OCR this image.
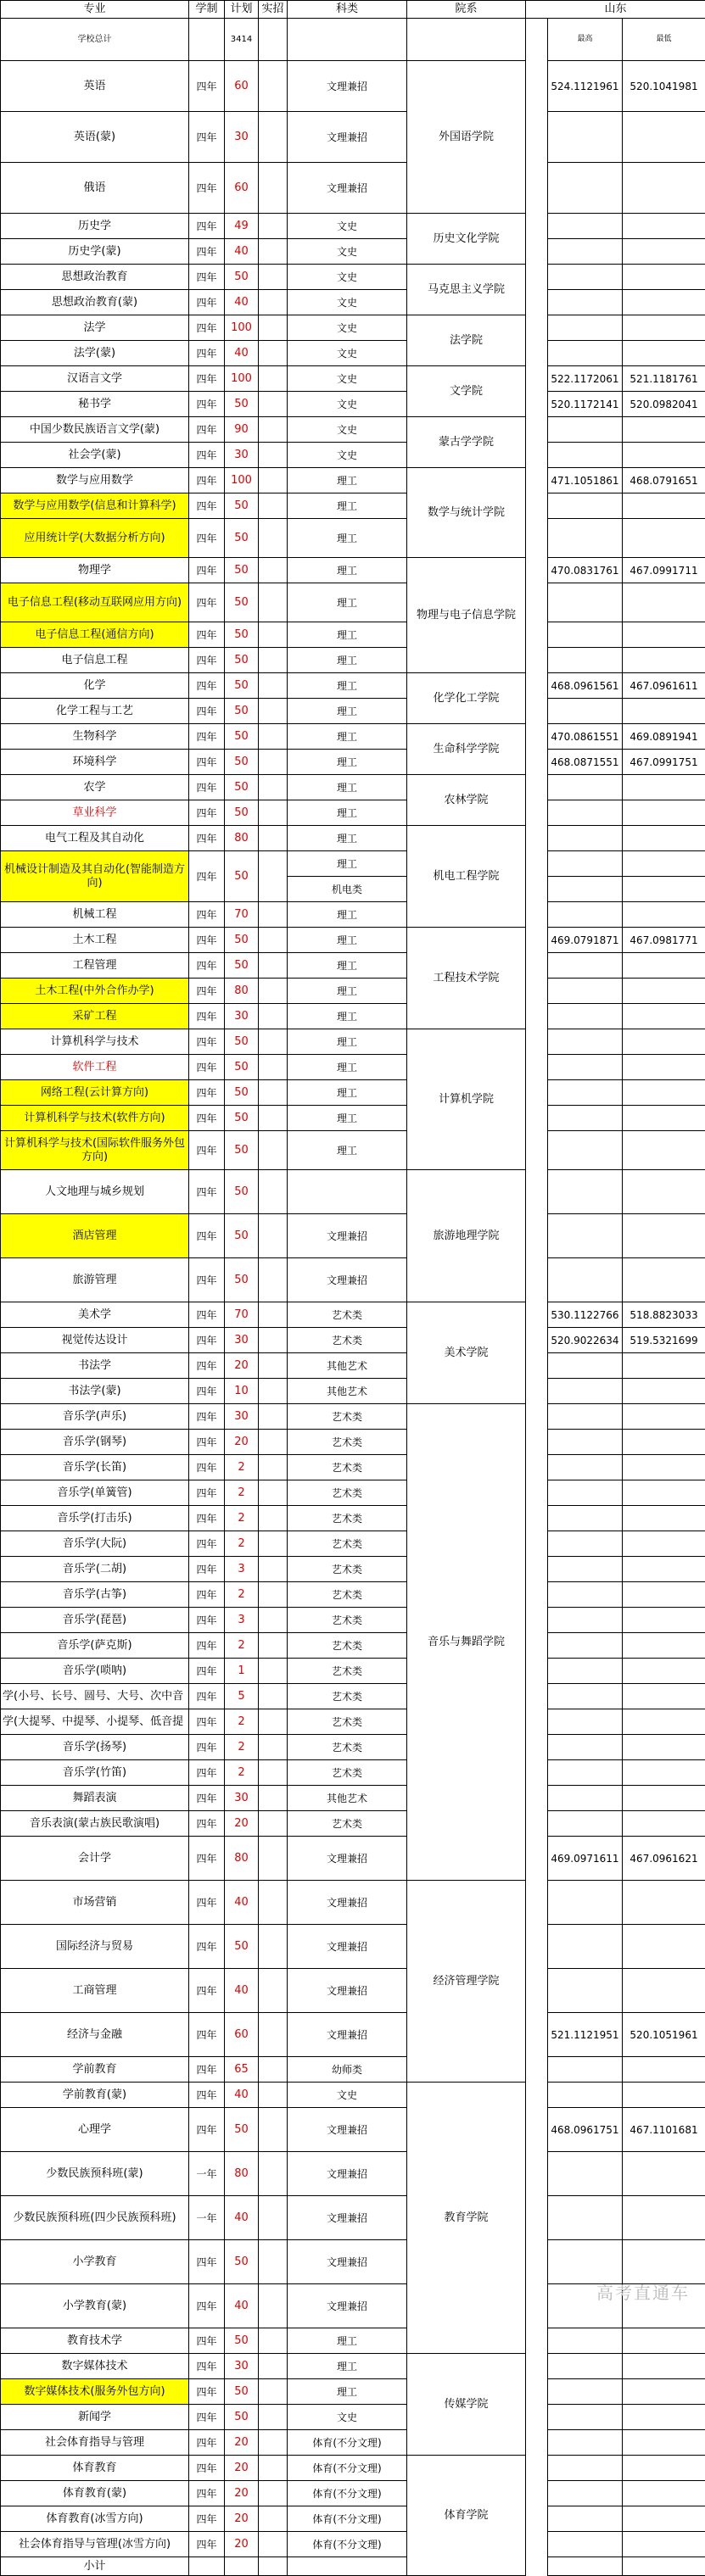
专业	学制	计划	实招	科类	院系	山东		
学校总计		3414					最高	最低
英语	四年	60		文理兼招	外国语学院		524.1121961	520.1041981
英语(蒙)	四年	30		文理兼招				
俄语	四年	60		文理兼招				
历史学	四年	49		文史	历史文化学院			
历史学(蒙)	四年	40		文史				
思想政治教育	四年	50		文史	马克思主义学院			
思想政治教育(蒙)	四年	40		文史				
法学	四年	100		文史	法学院			
法学(蒙)	四年	40		文史				
汉语言文学	四年	100		文史	文学院		522.1172061	521.1181761
秘书学	四年	50		文史			520.1172141	520.0982041
中国少数民族语言文学(蒙)	四年	90		文史	蒙古学学院			
社会学(蒙)	四年	30		文史				
数学与应用数学	四年	100		理工	数学与统计学院		471.1051861	468.0791651
数学与应用数学(信息和计算科学)	四年	50		理工				
应用统计学(大数据分析方向)	四年	50		理工				
物理学	四年	50		理工	物理与电子信息学院		470.0831761	467.0991711
电子信息工程(移动互联网应用方向)	四年	50		理工				
电子信息工程(通信方向)	四年	50		理工				
电子信息工程	四年	50		理工				
化学	四年	50		理工	化学化工学院		468.0961561	467.0961611
化学工程与工艺	四年	50		理工				
生物科学	四年	50		理工	生命科学学院		470.0861551	469.0891941
环境科学	四年	50		理工			468.0871551	467.0991751
农学	四年	50		理工	农林学院			
草业科学	四年	50		理工				
电气工程及其自动化	四年	80		理工	机电工程学院			
机械设计制造及其自动化(智能制造方向)	四年	50		理工				
				机电类				
机械工程	四年	70		理工				
土木工程	四年	50		理工	工程技术学院		469.0791871	467.0981771
工程管理	四年	50		理工				
土木工程(中外合作办学)	四年	80		理工				
采矿工程	四年	30		理工				
计算机科学与技术	四年	50		理工	计算机学院			
软件工程	四年	50		理工				
网络工程(云计算方向)	四年	50		理工				
计算机科学与技术(软件方向)	四年	50		理工				
计算机科学与技术(国际软件服务外包方向)	四年	50		理工				
人文地理与城乡规划	四年	50			旅游地理学院			
酒店管理	四年	50		文理兼招				
旅游管理	四年	50		文理兼招				
美术学	四年	70		艺术类	美术学院		530.1122766	518.8823033
视觉传达设计	四年	30		艺术类			520.9022634	519.5321699
书法学	四年	20		其他艺术				
书法学(蒙)	四年	10		其他艺术				
音乐学(声乐)	四年	30		艺术类	音乐与舞蹈学院			
音乐学(钢琴)	四年	20		艺术类				
音乐学(长笛)	四年	2		艺术类				
音乐学(单簧管)	四年	2		艺术类				
音乐学(打击乐)	四年	2		艺术类				
音乐学(大阮)	四年	2		艺术类				
音乐学(二胡)	四年	3		艺术类				
音乐学(古筝)	四年	2		艺术类				
音乐学(琵琶)	四年	3		艺术类				
音乐学(萨克斯)	四年	2		艺术类				
音乐学(唢呐)	四年	1		艺术类				
学(小号、长号、圆号、大号、次中音	四年	5		艺术类				
学(大提琴、中提琴、小提琴、低音提	四年	2		艺术类				
音乐学(扬琴)	四年	2		艺术类				
音乐学(竹笛)	四年	2		艺术类				
舞蹈表演	四年	30		其他艺术				
音乐表演(蒙古族民歌演唱)	四年	20		艺术类				
会计学	四年	80		文理兼招			469.0971611	467.0961621
市场营销	四年	40		文理兼招	经济管理学院			
国际经济与贸易	四年	50		文理兼招				
工商管理	四年	40		文理兼招				
经济与金融	四年	60		文理兼招			521.1121951	520.1051961
学前教育	四年	65		幼师类				
学前教育(蒙)	四年	40		文史	教育学院			
心理学	四年	50		文理兼招			468.0961751	467.1101681
少数民族预科班(蒙)	一年	80		文理兼招				
少数民族预科班(四少民族预科班)	一年	40		文理兼招				
小学教育	四年	50		文理兼招				
小学教育(蒙)	四年	40		文理兼招				
教育技术学	四年	50		理工				
数字媒体技术	四年	30		理工	传媒学院			
数字媒体技术(服务外包方向)	四年	50		理工				
新闻学	四年	50		文史				
社会体育指导与管理	四年	20		体育(不分文理)				
体育教育	四年	20		体育(不分文理)	体育学院			
体育教育(蒙)	四年	20		体育(不分文理)				
体育教育(冰雪方向)	四年	20		体育(不分文理)				
社会体育指导与管理(冰雪方向)	四年	20		体育(不分文理)				
小计								
高考直通车
